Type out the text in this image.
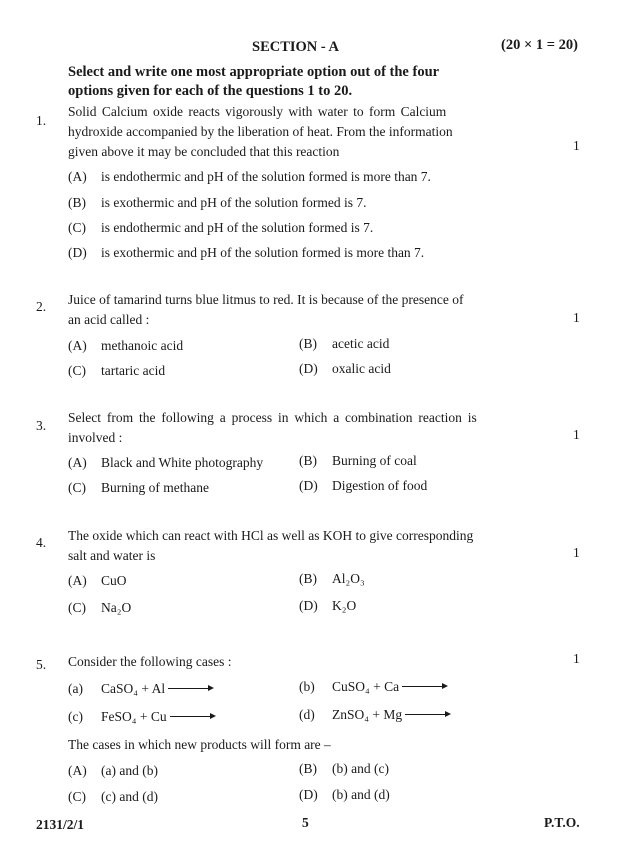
SECTION - A	(20 × 1 = 20)
Select and write one most appropriate option out of the four
options given for each of the questions 1 to 20.
1.
Solid Calcium oxide reacts vigorously with water to form Calcium
hydroxide accompanied by the liberation of heat. From the information
given above it may be concluded that this reaction	1
(A) is endothermic and pH of the solution formed is more than 7.
(B) is exothermic and pH of the solution formed is 7.
(C) is endothermic and pH of the solution formed is 7.
(D) is exothermic and pH of the solution formed is more than 7.
2. Juice of tamarind turns blue litmus to red. It is because of the presence of
an acid called :	1
(A) methanoic acid	(B) acetic acid
(C) tartaric acid	(D) oxalic acid
3.
Select from the following a process in which a combination reaction is
involved :	1
(A) Black and White photography	(B) Burning of coal
(C) Burning of methane	(D) Digestion of food
4. The oxide which can react with HCl as well as KOH to give corresponding
salt and water is	1
(A) CuO	(B) Al₂O₃
(C) Na₂O	(D) K₂O
5. Consider the following cases :	1
(a) CaSO₄ + Al	(b) CuSO₄ + Ca
(c) FeSO₄ + Cu	(d) ZnSO₄ + Mg
The cases in which new products will form are –
(A) (a) and (b)	(B) (b) and (c)
(C) (c) and (d)	(D) (b) and (d)
2131/2/1	5	P.T.O.
